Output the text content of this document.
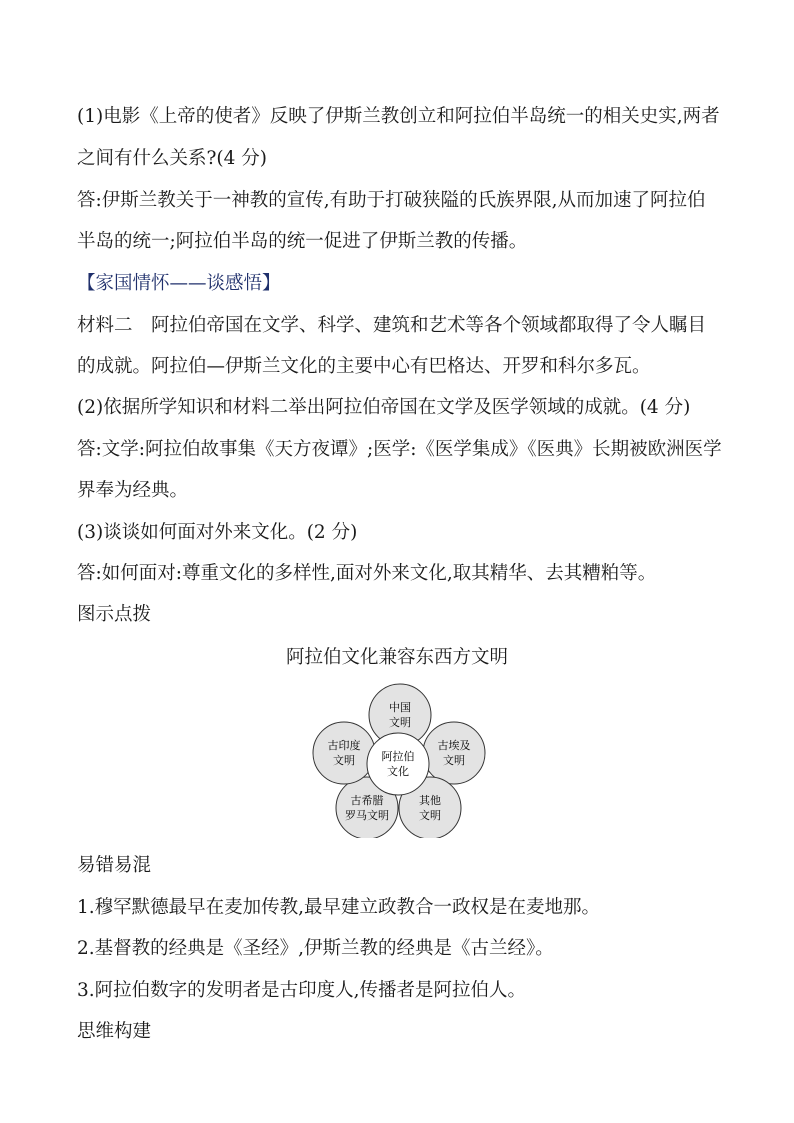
(1)电影《上帝的使者》反映了伊斯兰教创立和阿拉伯半岛统一的相关史实,两者
之间有什么关系?(4 分)
答:伊斯兰教关于一神教的宣传,有助于打破狭隘的氏族界限,从而加速了阿拉伯
半岛的统一;阿拉伯半岛的统一促进了伊斯兰教的传播。
【家国情怀——谈感悟】
材料二　阿拉伯帝国在文学、科学、建筑和艺术等各个领域都取得了令人瞩目
的成就。阿拉伯—伊斯兰文化的主要中心有巴格达、开罗和科尔多瓦。
(2)依据所学知识和材料二举出阿拉伯帝国在文学及医学领域的成就。(4 分)
答:文学:阿拉伯故事集《天方夜谭》;医学:《医学集成》《医典》长期被欧洲医学
界奉为经典。
(3)谈谈如何面对外来文化。(2 分)
答:如何面对:尊重文化的多样性,面对外来文化,取其精华、去其糟粕等。
图示点拨
阿拉伯文化兼容东西方文明
中国
文明
古埃及
文明
其他
文明
古希腊
罗马文明
古印度
文明 阿拉伯
文化
易错易混
1.穆罕默德最早在麦加传教,最早建立政教合一政权是在麦地那。
2.基督教的经典是《圣经》,伊斯兰教的经典是《古兰经》。
3.阿拉伯数字的发明者是古印度人,传播者是阿拉伯人。
思维构建
